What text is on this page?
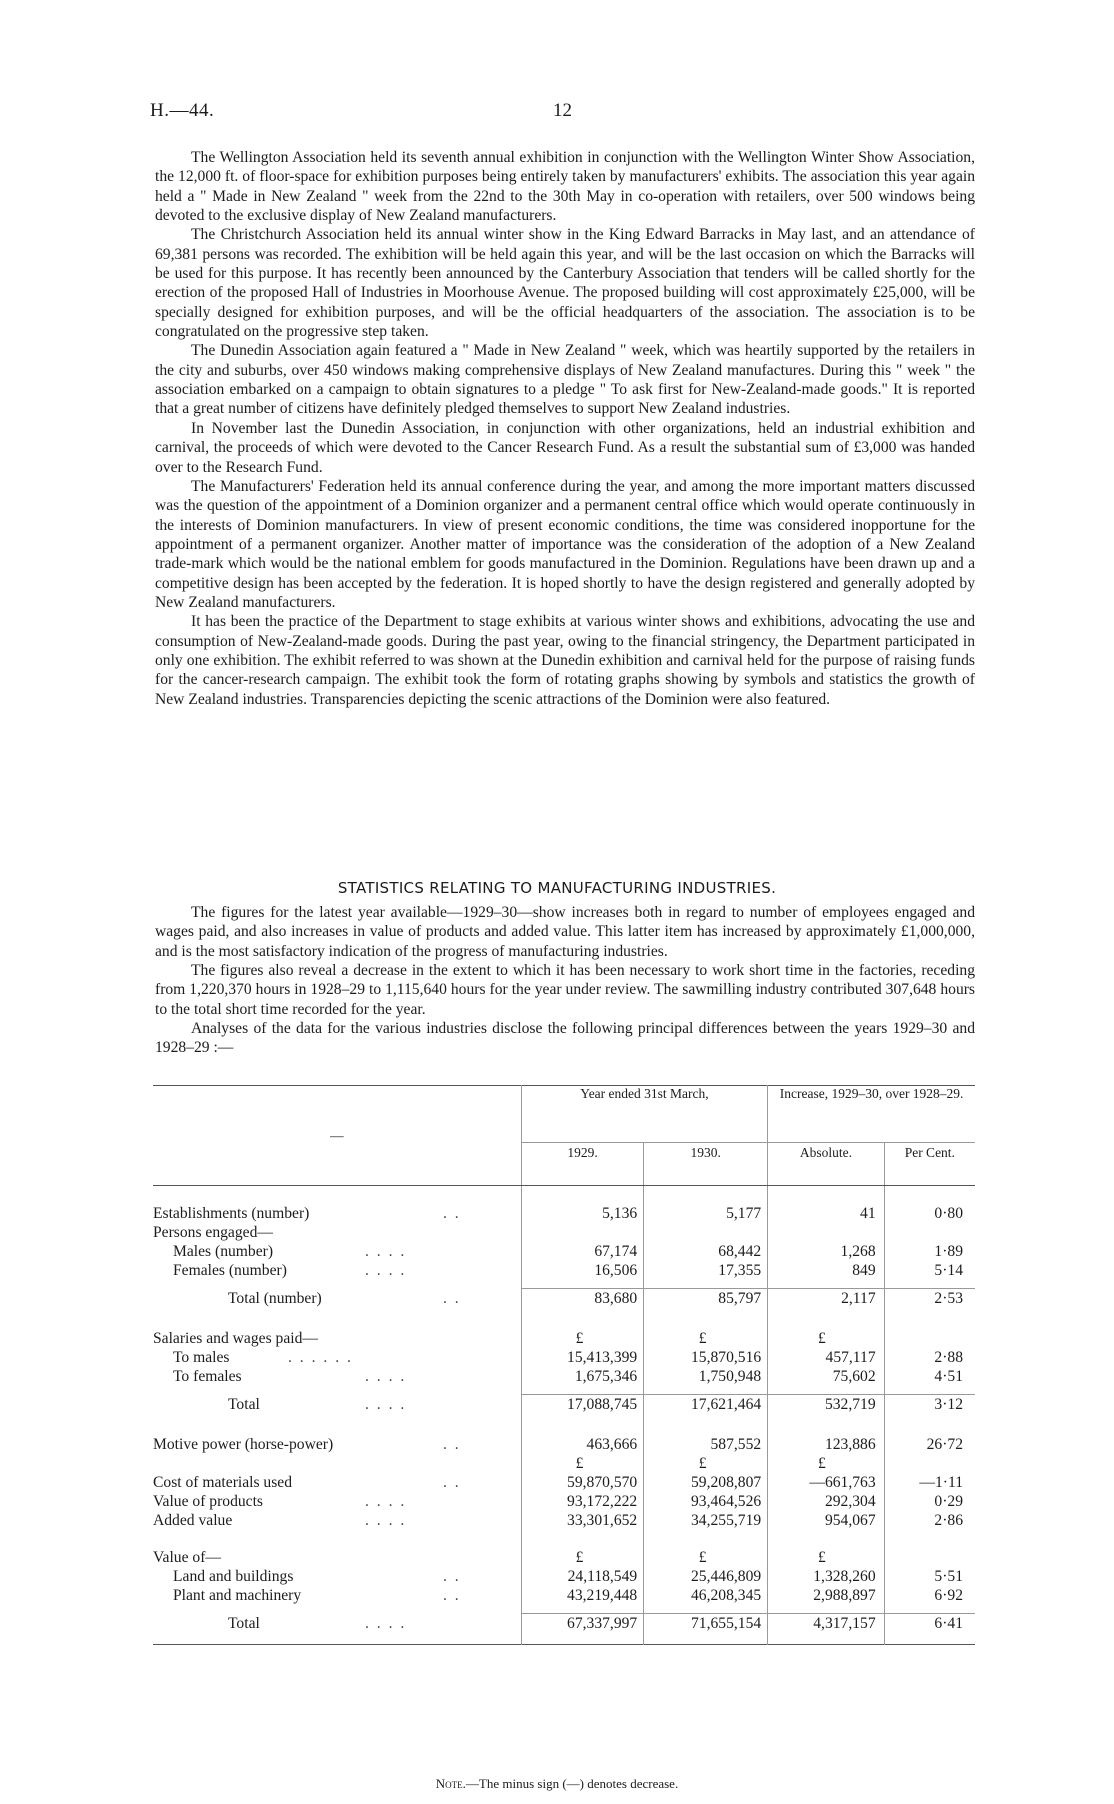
H.—44.	12

The Wellington Association held its seventh annual exhibition in conjunction with the Wellington Winter Show Association, the 12,000 ft. of floor-space for exhibition purposes being entirely taken by manufacturers' exhibits. The association this year again held a " Made in New Zealand " week from the 22nd to the 30th May in co-operation with retailers, over 500 windows being devoted to the exclusive display of New Zealand manufacturers.

The Christchurch Association held its annual winter show in the King Edward Barracks in May last, and an attendance of 69,381 persons was recorded. The exhibition will be held again this year, and will be the last occasion on which the Barracks will be used for this purpose. It has recently been announced by the Canterbury Association that tenders will be called shortly for the erection of the proposed Hall of Industries in Moorhouse Avenue. The proposed building will cost approximately £25,000, will be specially designed for exhibition purposes, and will be the official headquarters of the association. The association is to be congratulated on the progressive step taken.

The Dunedin Association again featured a " Made in New Zealand " week, which was heartily supported by the retailers in the city and suburbs, over 450 windows making comprehensive displays of New Zealand manufactures. During this " week " the association embarked on a campaign to obtain signatures to a pledge " To ask first for New-Zealand-made goods." It is reported that a great number of citizens have definitely pledged themselves to support New Zealand industries.

In November last the Dunedin Association, in conjunction with other organizations, held an industrial exhibition and carnival, the proceeds of which were devoted to the Cancer Research Fund. As a result the substantial sum of £3,000 was handed over to the Research Fund.

The Manufacturers' Federation held its annual conference during the year, and among the more important matters discussed was the question of the appointment of a Dominion organizer and a permanent central office which would operate continuously in the interests of Dominion manufacturers. In view of present economic conditions, the time was considered inopportune for the appointment of a permanent organizer. Another matter of importance was the consideration of the adoption of a New Zealand trade-mark which would be the national emblem for goods manufactured in the Dominion. Regulations have been drawn up and a competitive design has been accepted by the federation. It is hoped shortly to have the design registered and generally adopted by New Zealand manufacturers.

It has been the practice of the Department to stage exhibits at various winter shows and exhibitions, advocating the use and consumption of New-Zealand-made goods. During the past year, owing to the financial stringency, the Department participated in only one exhibition. The exhibit referred to was shown at the Dunedin exhibition and carnival held for the purpose of raising funds for the cancer-research campaign. The exhibit took the form of rotating graphs showing by symbols and statistics the growth of New Zealand industries. Transparencies depicting the scenic attractions of the Dominion were also featured.

STATISTICS RELATING TO MANUFACTURING INDUSTRIES.

The figures for the latest year available—1929–30—show increases both in regard to number of employees engaged and wages paid, and also increases in value of products and added value. This latter item has increased by approximately £1,000,000, and is the most satisfactory indication of the progress of manufacturing industries.

The figures also reveal a decrease in the extent to which it has been necessary to work short time in the factories, receding from 1,220,370 hours in 1928–29 to 1,115,640 hours for the year under review. The sawmilling industry contributed 307,648 hours to the total short time recorded for the year.

Analyses of the data for the various industries disclose the following principal differences between the years 1929–30 and 1928–29 :—

—	Year ended 31st March,		Increase, 1929–30, over 1928–29.	
	1929.	1930.	Absolute.	Per Cent.

Establishments (number) . .	5,136	5,177	41	0·80
Persons engaged—				
Males (number) . . . .	67,174	68,442	1,268	1·89
Females (number) . . . .	16,506	17,355	849	5·14

Total (number) . .	83,680	85,797	2,117	2·53

Salaries and wages paid—	£	£	£	
To males . . . . . .	15,413,399	15,870,516	457,117	2·88
To females . . . .	1,675,346	1,750,948	75,602	4·51

Total . . . .	17,088,745	17,621,464	532,719	3·12

Motive power (horse-power) . .	463,666	587,552	123,886	26·72
	£	£	£	
Cost of materials used . .	59,870,570	59,208,807	—661,763	—1·11
Value of products . . . .	93,172,222	93,464,526	292,304	0·29
Added value . . . .	33,301,652	34,255,719	954,067	2·86

Value of—	£	£	£	
Land and buildings . .	24,118,549	25,446,809	1,328,260	5·51
Plant and machinery . .	43,219,448	46,208,345	2,988,897	6·92

Total . . . .	67,337,997	71,655,154	4,317,157	6·41

Note.—The minus sign (—) denotes decrease.
